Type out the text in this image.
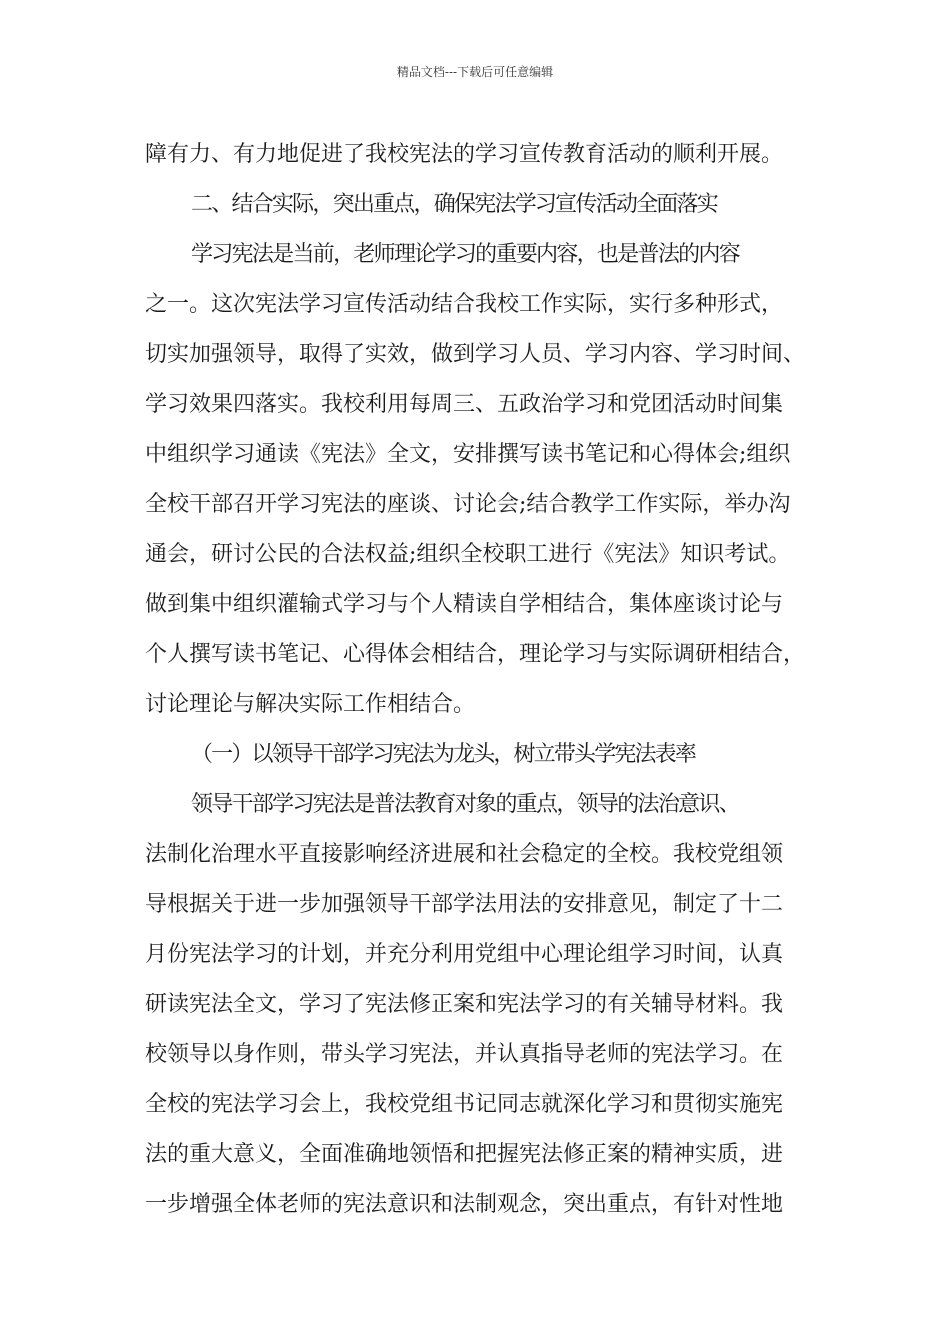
精品文档---下载后可任意编辑
障有力、有力地促进了我校宪法的学习宣传教育活动的顺利开展。
二、结合实际，突出重点，确保宪法学习宣传活动全面落实
学习宪法是当前，老师理论学习的重要内容，也是普法的内容
之一。这次宪法学习宣传活动结合我校工作实际，实行多种形式，
切实加强领导，取得了实效，做到学习人员、学习内容、学习时间、
学习效果四落实。我校利用每周三、五政治学习和党团活动时间集
中组织学习通读《宪法》全文，安排撰写读书笔记和心得体会;组织
全校干部召开学习宪法的座谈、讨论会;结合教学工作实际，举办沟
通会，研讨公民的合法权益;组织全校职工进行《宪法》知识考试。
做到集中组织灌输式学习与个人精读自学相结合，集体座谈讨论与
个人撰写读书笔记、心得体会相结合，理论学习与实际调研相结合，
讨论理论与解决实际工作相结合。
（一）以领导干部学习宪法为龙头，树立带头学宪法表率
领导干部学习宪法是普法教育对象的重点，领导的法治意识、
法制化治理水平直接影响经济进展和社会稳定的全校。我校党组领
导根据关于进一步加强领导干部学法用法的安排意见，制定了十二
月份宪法学习的计划，并充分利用党组中心理论组学习时间，认真
研读宪法全文，学习了宪法修正案和宪法学习的有关辅导材料。我
校领导以身作则，带头学习宪法，并认真指导老师的宪法学习。在
全校的宪法学习会上，我校党组书记同志就深化学习和贯彻实施宪
法的重大意义，全面准确地领悟和把握宪法修正案的精神实质，进
一步增强全体老师的宪法意识和法制观念，突出重点，有针对性地
